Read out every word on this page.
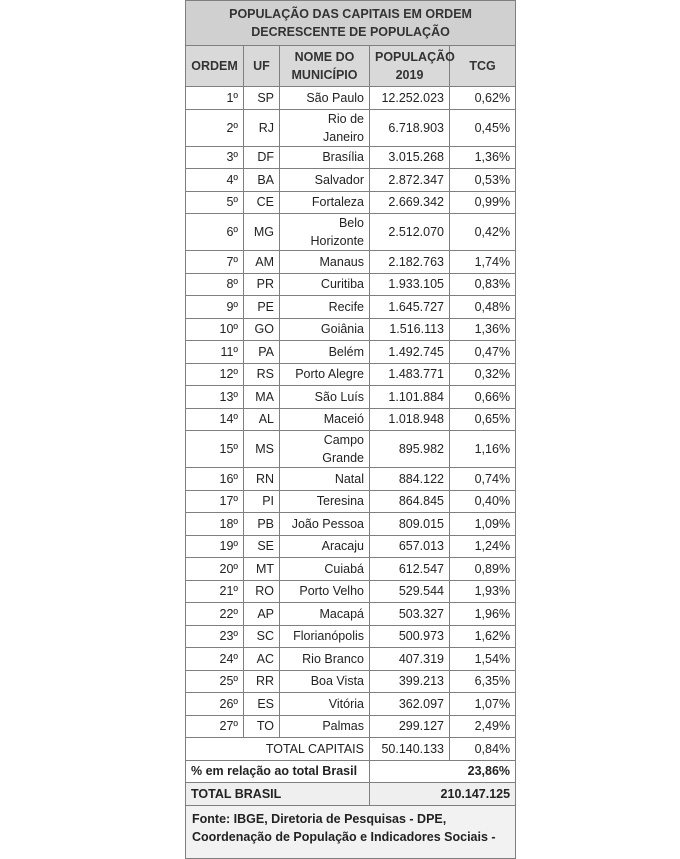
POPULAÇÃO DAS CAPITAIS EM ORDEM DECRESCENTE DE POPULAÇÃO				
ORDEM	UF	NOME DO MUNICÍPIO	POPULAÇÃO 2019	TCG
1º	SP	São Paulo	12.252.023	0,62%
2º	RJ	Rio de Janeiro	6.718.903	0,45%
3º	DF	Brasília	3.015.268	1,36%
4º	BA	Salvador	2.872.347	0,53%
5º	CE	Fortaleza	2.669.342	0,99%
6º	MG	Belo Horizonte	2.512.070	0,42%
7º	AM	Manaus	2.182.763	1,74%
8º	PR	Curitiba	1.933.105	0,83%
9º	PE	Recife	1.645.727	0,48%
10º	GO	Goiânia	1.516.113	1,36%
11º	PA	Belém	1.492.745	0,47%
12º	RS	Porto Alegre	1.483.771	0,32%
13º	MA	São Luís	1.101.884	0,66%
14º	AL	Maceió	1.018.948	0,65%
15º	MS	Campo Grande	895.982	1,16%
16º	RN	Natal	884.122	0,74%
17º	PI	Teresina	864.845	0,40%
18º	PB	João Pessoa	809.015	1,09%
19º	SE	Aracaju	657.013	1,24%
20º	MT	Cuiabá	612.547	0,89%
21º	RO	Porto Velho	529.544	1,93%
22º	AP	Macapá	503.327	1,96%
23º	SC	Florianópolis	500.973	1,62%
24º	AC	Rio Branco	407.319	1,54%
25º	RR	Boa Vista	399.213	6,35%
26º	ES	Vitória	362.097	1,07%
27º	TO	Palmas	299.127	2,49%
TOTAL CAPITAIS			50.140.133	0,84%
% em relação ao total Brasil			23,86%	
TOTAL BRASIL			210.147.125	

Fonte: IBGE, Diretoria de Pesquisas - DPE,
Coordenação de População e Indicadores Sociais -				
